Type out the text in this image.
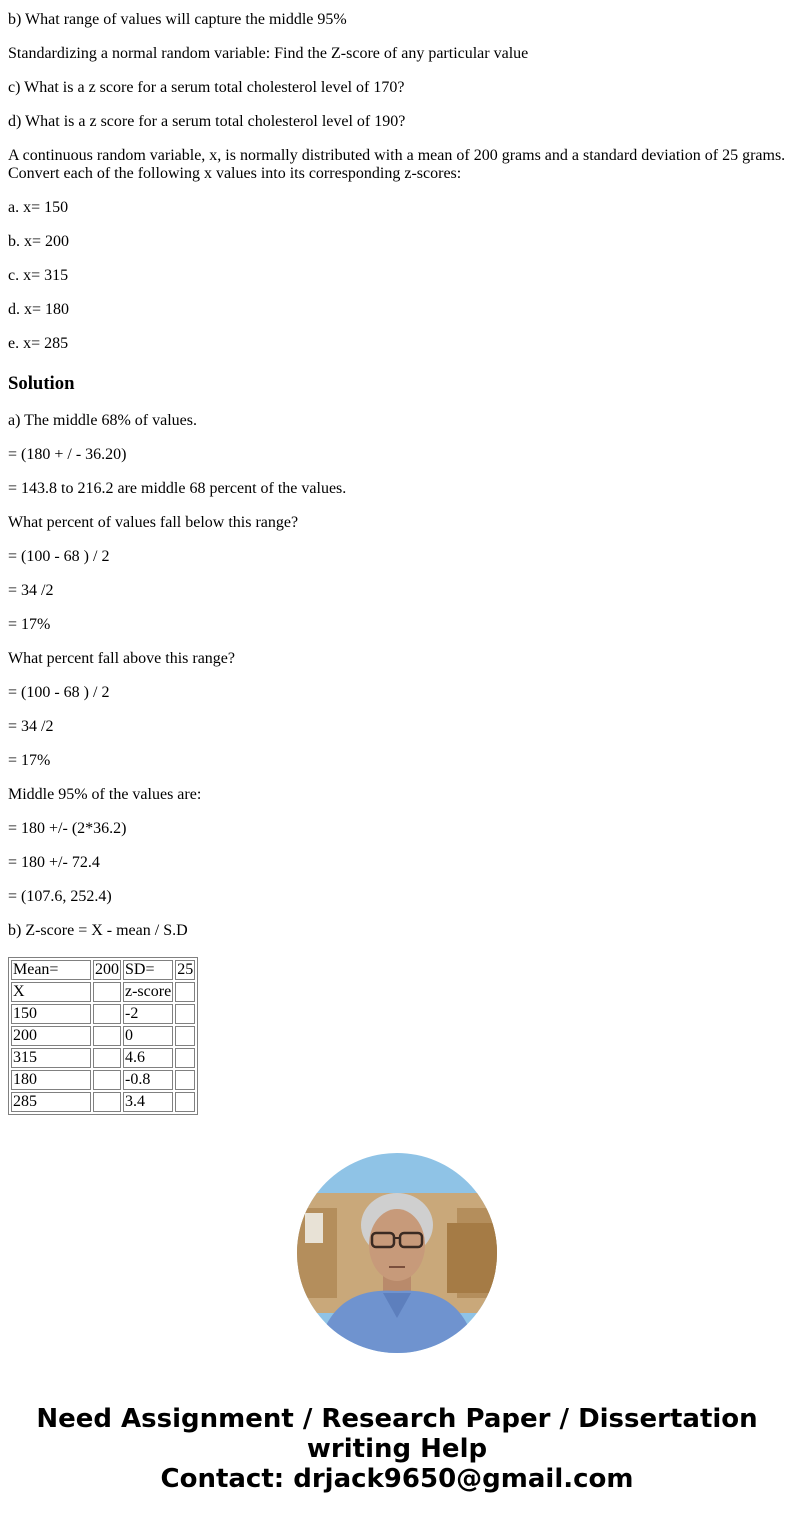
b) What range of values will capture the middle 95%
Standardizing a normal random variable: Find the Z-score of any particular value
c) What is a z score for a serum total cholesterol level of 170?
d) What is a z score for a serum total cholesterol level of 190?
A continuous random variable, x, is normally distributed with a mean of 200 grams and a standard deviation of 25 grams. Convert each of the following x values into its corresponding z-scores:
a. x= 150
b. x= 200
c. x= 315
d. x= 180
e. x= 285
Solution
a) The middle 68% of values.
= (180 + / - 36.20)
= 143.8 to 216.2 are middle 68 percent of the values.
What percent of values fall below this range?
= (100 - 68 ) / 2
= 34 /2
= 17%
What percent fall above this range?
= (100 - 68 ) / 2
= 34 /2
= 17%
Middle 95% of the values are:
= 180 +/- (2*36.2)
= 180 +/- 72.4
= (107.6, 252.4)
b) Z-score = X - mean / S.D
Mean=	200	SD=	25
X		z-score	
150		-2	
200		0	
315		4.6	
180		-0.8	
285		3.4	
Need Assignment / Research Paper / Dissertation
writing Help
Contact: drjack9650@gmail.com
